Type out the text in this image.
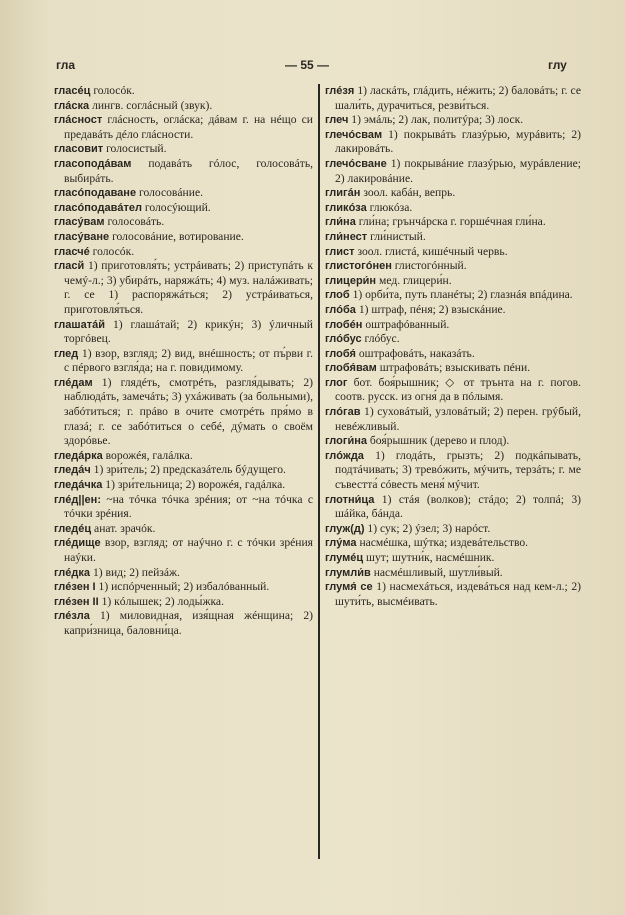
гла	— 55 —	глу
гласéц голосóк.
глáска лингв. соглáсный (звук).
глáсност глáсность, оглáска; дáвам г. на нéщо си предавáть дéло глáсности.
гласовит голосистый.
гласоподáвам подавáть гóлос, голосовáть, выбирáть.
гласóподаване голосовáние.
гласóподавáтел голосýющий.
гласýвам голосовáть.
гласýване голосовáние, вотирование.
гласчé голосóк.
гласй 1) приготовля́ть; устрáивать; 2) приступáть к чемý-л.; 3) убирáть, наряжáть; 4) муз. налáживать; г. се 1) распоряжáться; 2) устрáиваться, приготовля́ться.
глашатáй 1) глашáтай; 2) крикýн; 3) ýличный торгóвец.
глед 1) взор, взгляд; 2) вид, внéшность; от пъ́рви г. с пéрвого взгля́да; на г. повидимому.
глéдам 1) глядéть, смотрéть, разгля́дывать; 2) наблюдáть, замечáть; 3) ухáживать (за больными), забóтиться; г. прáво в очите смотрéть пря́мо в глазá; г. се забóтиться о себé, дýмать о своём здорóвье.
гледáрка ворожéя, галáлка.
гледáч 1) зри́тель; 2) предсказáтель бýдущего.
гледáчка 1) зри́тельница; 2) ворожéя, гадáлка.
глéд||ен: ~на тóчка тóчка зрéния; от ~на тóчка с тóчки зрéния.
гледéц анат. зрачóк.
глéдище взор, взгляд; от наýчно г. с тóчки зрéния наýки.
глéдка 1) вид; 2) пейзáж.
глéзен I 1) испóрченный; 2) избалóванный.
глéзен II 1) кóлышек; 2) лоды́жка.
глéзла 1) миловидная, изя́щная жéнщина; 2) капри́зница, баловни́ца.
глéзя 1) ласкáть, глáдить, нéжить; 2) баловáть; г. се шали́ть, дурачиться, резви́ться.
глеч 1) эмáль; 2) лак, политýра; 3) лоск.
глечóсвам 1) покрывáть глазýрью, мурáвить; 2) лакировáть.
глечóсване 1) покрывáние глазýрью, мурáвление; 2) лакировáние.
глигáн зоол. кабáн, вепрь.
гликóза глюкóза.
гли́на гли́на; грънчáрска г. горшéчная гли́на.
гли́нест гли́нистый.
глист зоол. глистá, кишéчный червь.
глистогóнен глистогóнный.
глицери́н мед. глицери́н.
глоб 1) орби́та, путь планéты; 2) глазнáя впáдина.
глóба 1) штраф, пéня; 2) взыскáние.
глобéн оштрафóванный.
глóбус глóбус.
глобя́ оштрафовáть, наказáть.
глобя́вам штрафовáть; взыскивать пéни.
глог бот. боя́рышник; ◇ от трънта на г. погов. соотв. русск. из огня́ да в пóлымя.
глóгав 1) суховáтый, узловáтый; 2) перен. грýбый, невéжливый.
глоги́на боя́рышник (дерево и плод).
глóжда 1) глодáть, грызть; 2) подкáпывать, подтáчивать; 3) тревóжить, мýчить, терзáть; г. ме съвестта́ сóвесть меня́ мýчит.
глотни́ца 1) стáя (волков); стáдо; 2) толпá; 3) шáйка, бáнда.
глуж(д) 1) сук; 2) ýзел; 3) нарóст.
глýма насмéшка, шýтка; издевáтельство.
глумéц шут; шутни́к, насмéшник.
глумли́в насмéшливый, шутли́вый.
глумя́ се 1) насмехáться, издевáться над кем-л.; 2) шути́ть, высмéивать.
